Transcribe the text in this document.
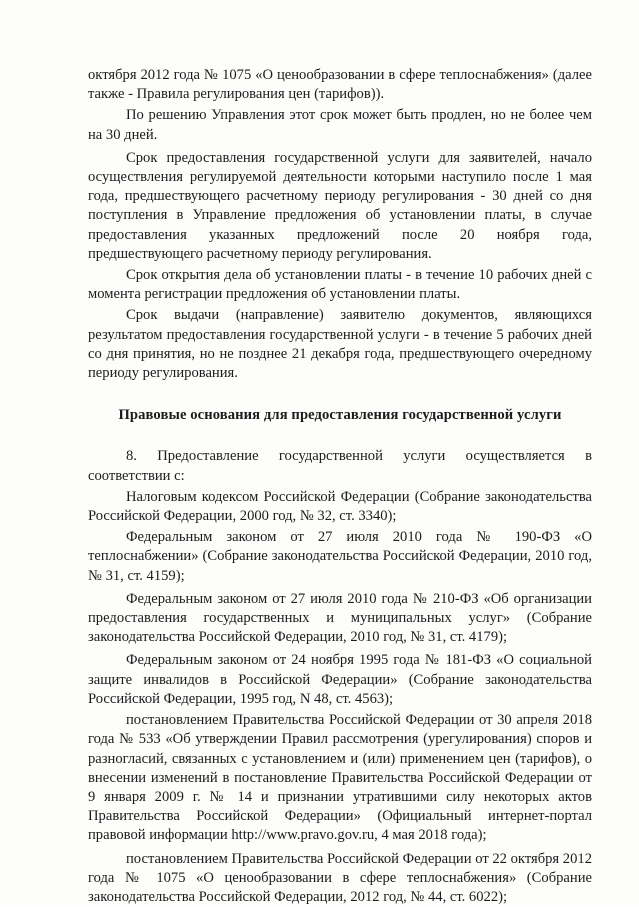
октября 2012 года № 1075 «О ценообразовании в сфере теплоснабжения» (далее также - Правила регулирования цен (тарифов)).

По решению Управления этот срок может быть продлен, но не более чем на 30 дней.

Срок предоставления государственной услуги для заявителей, начало осуществления регулируемой деятельности которыми наступило после 1 мая года, предшествующего расчетному периоду регулирования - 30 дней со дня поступления в Управление предложения об установлении платы, в случае предоставления указанных предложений после 20 ноября года, предшествующего расчетному периоду регулирования.

Срок открытия дела об установлении платы - в течение 10 рабочих дней с момента регистрации предложения об установлении платы.

Срок выдачи (направление) заявителю документов, являющихся результатом предоставления государственной услуги - в течение 5 рабочих дней со дня принятия, но не позднее 21 декабря года, предшествующего очередному периоду регулирования.

Правовые основания для предоставления государственной услуги

8. Предоставление государственной услуги осуществляется в соответствии с:

Налоговым кодексом Российской Федерации (Собрание законодательства Российской Федерации, 2000 год, № 32, ст. 3340);

Федеральным законом от 27 июля 2010 года № 190-ФЗ «О теплоснабжении» (Собрание законодательства Российской Федерации, 2010 год, № 31, ст. 4159);

Федеральным законом от 27 июля 2010 года № 210-ФЗ «Об организации предоставления государственных и муниципальных услуг» (Собрание законодательства Российской Федерации, 2010 год, № 31, ст. 4179);

Федеральным законом от 24 ноября 1995 года № 181-ФЗ «О социальной защите инвалидов в Российской Федерации» (Собрание законодательства Российской Федерации, 1995 год, N 48, ст. 4563);

постановлением Правительства Российской Федерации от 30 апреля 2018 года № 533 «Об утверждении Правил рассмотрения (урегулирования) споров и разногласий, связанных с установлением и (или) применением цен (тарифов), о внесении изменений в постановление Правительства Российской Федерации от 9 января 2009 г. № 14 и признании утратившими силу некоторых актов Правительства Российской Федерации» (Официальный интернет-портал правовой информации http://www.pravo.gov.ru, 4 мая 2018 года);

постановлением Правительства Российской Федерации от 22 октября 2012 года № 1075 «О ценообразовании в сфере теплоснабжения» (Собрание законодательства Российской Федерации, 2012 год, № 44, ст. 6022);
